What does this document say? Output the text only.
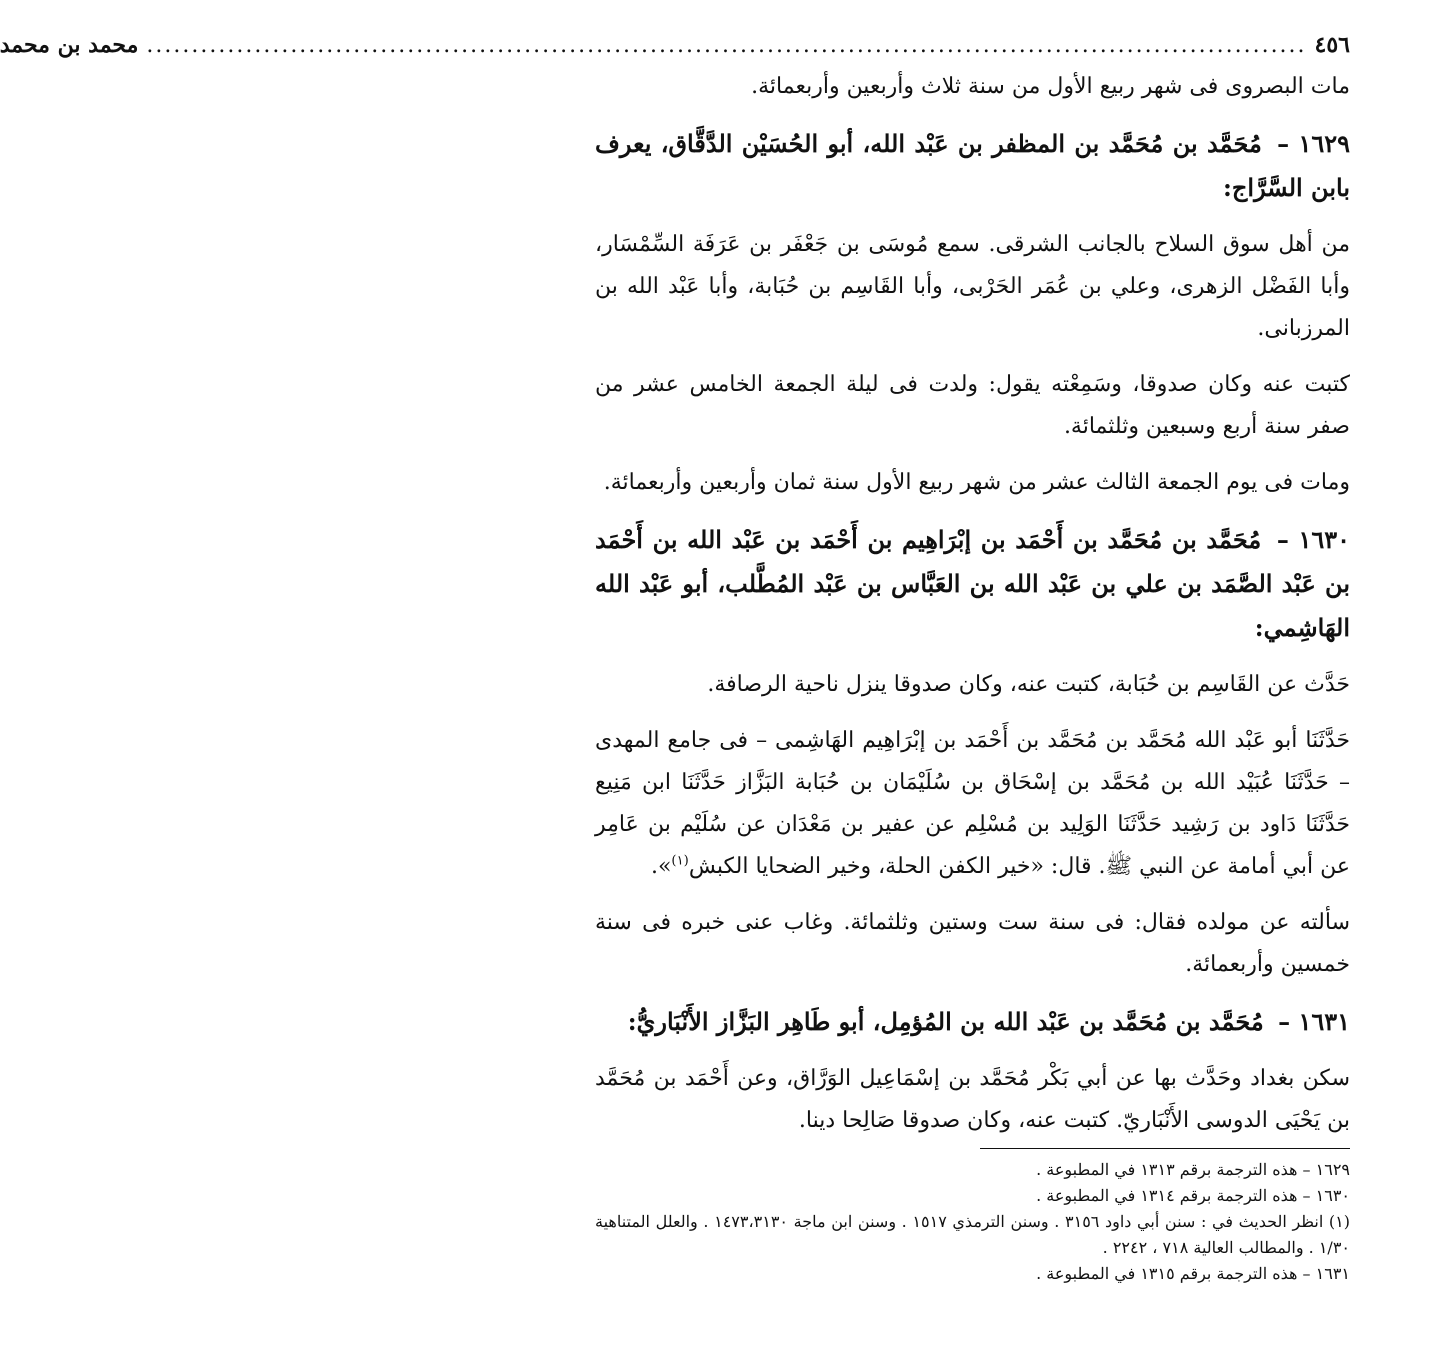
٤٥٦
.................................................................................................................................
محمد بن محمد

مات البصروى فى شهر ربيع الأول من سنة ثلاث وأربعين وأربعمائة.

١٦٢٩ – مُحَمَّد بن مُحَمَّد بن المظفر بن عَبْد الله، أبو الحُسَيْن الدَّقَّاق، يعرف بابن السَّرَّاج:

من أهل سوق السلاح بالجانب الشرقى. سمع مُوسَى بن جَعْفَر بن عَرَفَة السِّمْسَار، وأبا الفَضْل الزهرى، وعلي بن عُمَر الحَرْبى، وأبا القَاسِم بن حُبَابة، وأبا عَبْد الله بن المرزبانى.

كتبت عنه وكان صدوقا، وسَمِعْته يقول: ولدت فى ليلة الجمعة الخامس عشر من صفر سنة أربع وسبعين وثلثمائة.

ومات فى يوم الجمعة الثالث عشر من شهر ربيع الأول سنة ثمان وأربعين وأربعمائة.

١٦٣٠ – مُحَمَّد بن مُحَمَّد بن أَحْمَد بن إبْرَاهِيم بن أَحْمَد بن عَبْد الله بن أَحْمَد بن عَبْد الصَّمَد بن علي بن عَبْد الله بن العَبَّاس بن عَبْد المُطَّلب، أبو عَبْد الله الهَاشِمي:

حَدَّث عن القَاسِم بن حُبَابة، كتبت عنه، وكان صدوقا ينزل ناحية الرصافة.

حَدَّثَنَا أبو عَبْد الله مُحَمَّد بن مُحَمَّد بن أَحْمَد بن إبْرَاهِيم الهَاشِمى – فى جامع المهدى – حَدَّثَنَا عُبَيْد الله بن مُحَمَّد بن إسْحَاق بن سُلَيْمَان بن حُبَابة البَزَّاز حَدَّثَنَا ابن مَنِيع حَدَّثَنَا دَاود بن رَشِيد حَدَّثَنَا الوَلِيد بن مُسْلِم عن عفير بن مَعْدَان عن سُلَيْم بن عَامِر عن أبي أمامة عن النبي ﷺ. قال: «خير الكفن الحلة، وخير الضحايا الكبش$^{(١)}$».

سألته عن مولده فقال: فى سنة ست وستين وثلثمائة. وغاب عنى خبره فى سنة خمسين وأربعمائة.

١٦٣١ – مُحَمَّد بن مُحَمَّد بن عَبْد الله بن المُؤمِل، أبو طَاهِر البَزَّاز الأَنْبَاريُّ:

سكن بغداد وحَدَّث بها عن أبي بَكْر مُحَمَّد بن إسْمَاعِيل الوَرَّاق، وعن أَحْمَد بن مُحَمَّد بن يَحْيَى الدوسى الأَنْبَاريّ. كتبت عنه، وكان صدوقا صَالِحا دينا.

١٦٢٩ – هذه الترجمة برقم ١٣١٣ في المطبوعة .

١٦٣٠ – هذه الترجمة برقم ١٣١٤ في المطبوعة .

(١) انظر الحديث في : سنن أبي داود ٣١٥٦ . وسنن الترمذي ١٥١٧ . وسنن ابن ماجة ١٤٧٣،٣١٣٠ . والعلل المتناهية ١/٣٠ . والمطالب العالية ٧١٨ ، ٢٢٤٢ .

١٦٣١ – هذه الترجمة برقم ١٣١٥ في المطبوعة .
